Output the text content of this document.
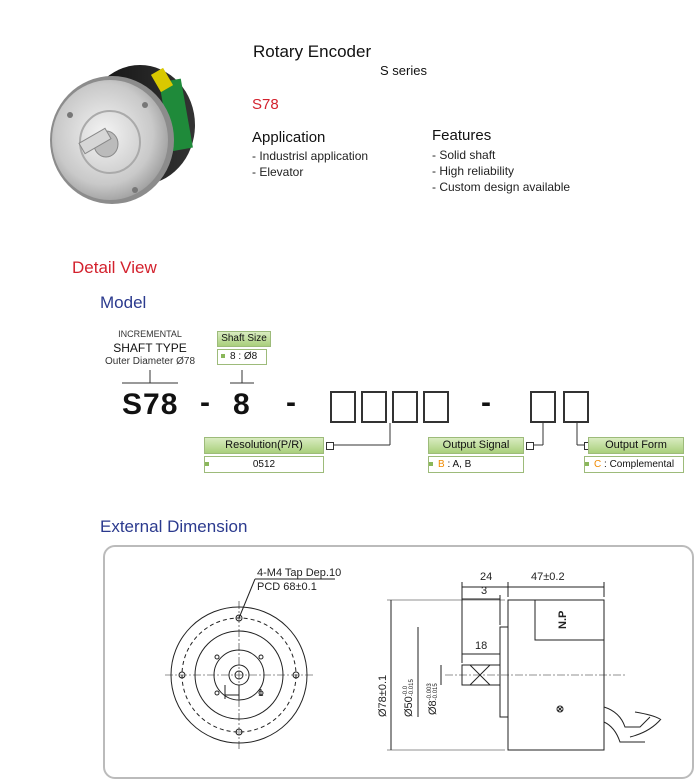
Rotary Encoder
S series
S78
Application
- Industrisl application
- Elevator
Features
- Solid shaft
- High reliability
- Custom design available
Detail View
Model
INCREMENTAL
SHAFT TYPE
Outer Diameter Ø78
Shaft Size
8 : Ø8
S78 - 8 -	-
Resolution(P/R)
0512
Output Signal
B : A, B
Output Form
C : Complemental
External Dimension
4-M4 Tap Dep.10
PCD 68±0.1
1
24
3
47±0.2
18
N.P
Ø78±0.1 Ø50-0.0
-0.015
Ø8-0.003
-0.015
